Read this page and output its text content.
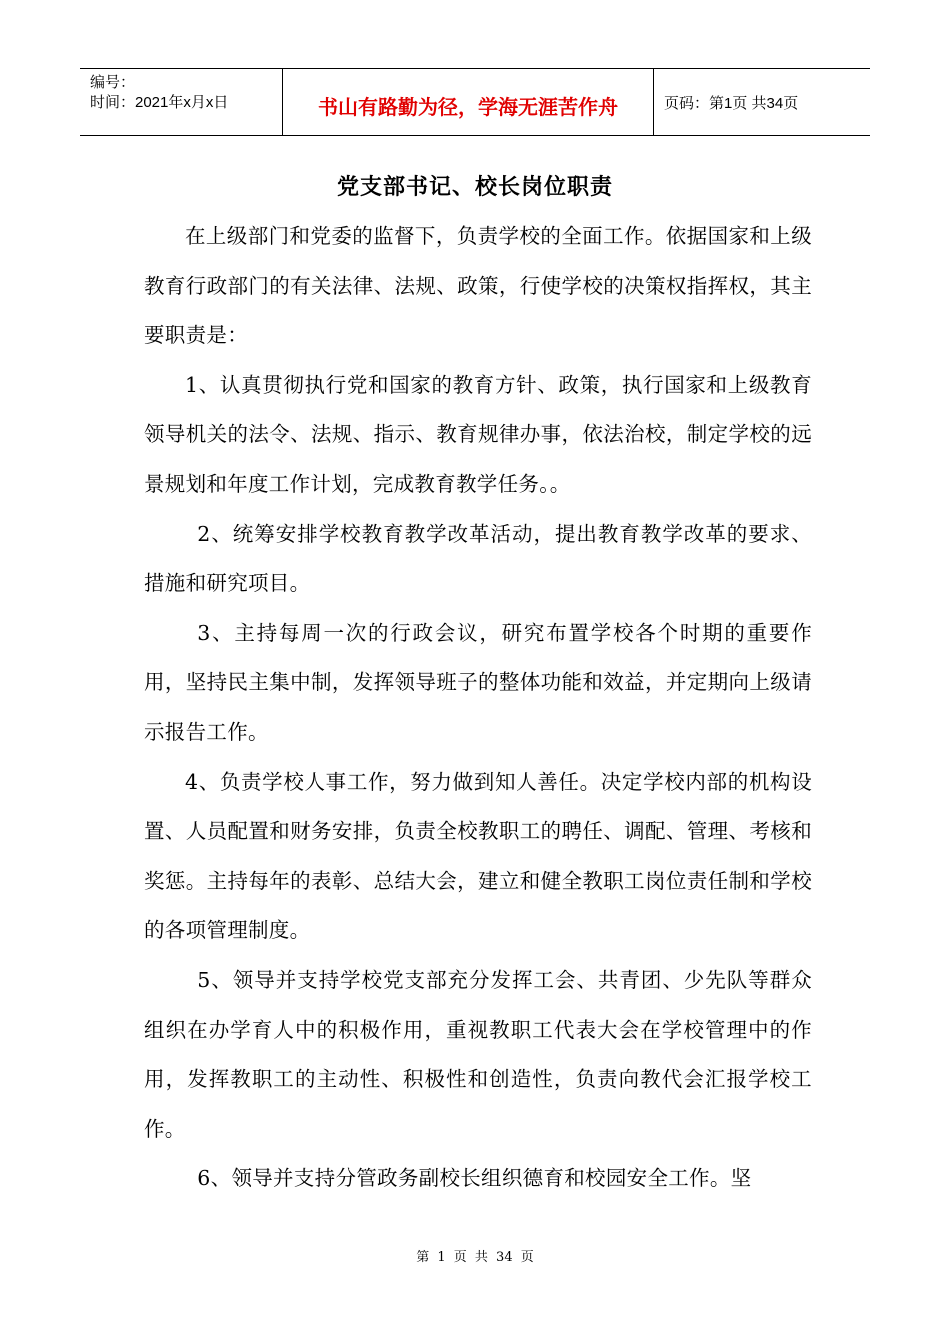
编号：
时间：2021年x月x日	书山有路勤为径，学海无涯苦作舟	页码：第1页 共34页
党支部书记、校长岗位职责

在上级部门和党委的监督下，负责学校的全面工作。依据国家和上级教育行政部门的有关法律、法规、政策，行使学校的决策权指挥权，其主要职责是：

1、认真贯彻执行党和国家的教育方针、政策，执行国家和上级教育领导机关的法令、法规、指示、教育规律办事，依法治校，制定学校的远景规划和年度工作计划，完成教育教学任务。。

2、统筹安排学校教育教学改革活动，提出教育教学改革的要求、措施和研究项目。

3、主持每周一次的行政会议，研究布置学校各个时期的重要作用，坚持民主集中制，发挥领导班子的整体功能和效益，并定期向上级请示报告工作。

4、负责学校人事工作，努力做到知人善任。决定学校内部的机构设置、人员配置和财务安排，负责全校教职工的聘任、调配、管理、考核和奖惩。主持每年的表彰、总结大会，建立和健全教职工岗位责任制和学校的各项管理制度。

5、领导并支持学校党支部充分发挥工会、共青团、少先队等群众组织在办学育人中的积极作用，重视教职工代表大会在学校管理中的作用，发挥教职工的主动性、积极性和创造性，负责向教代会汇报学校工作。

6、领导并支持分管政务副校长组织德育和校园安全工作。坚

第 1 页 共 34 页
